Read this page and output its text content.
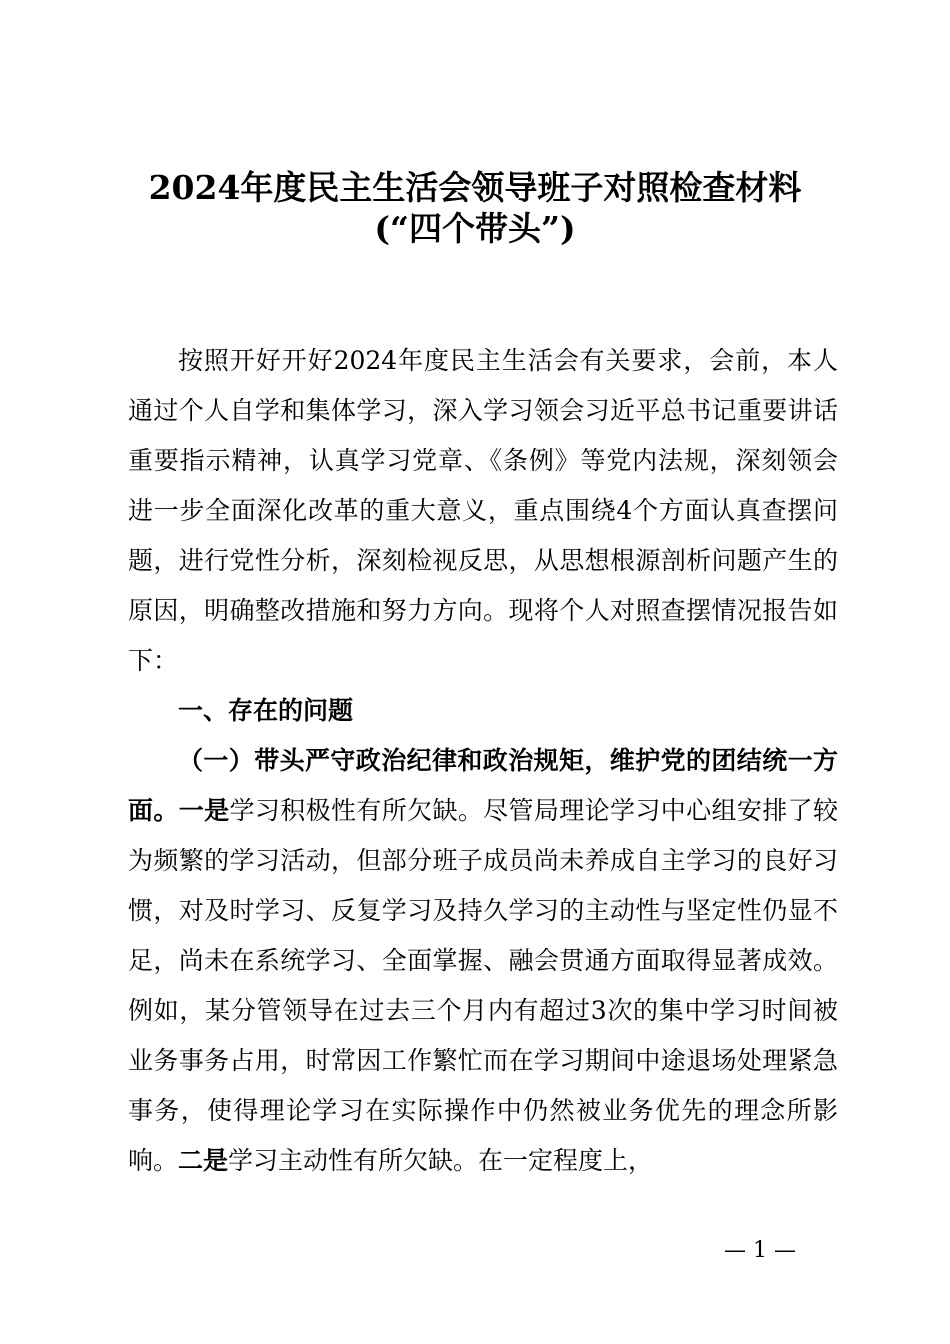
2024年度民主生活会领导班子对照检查材料
(“四个带头”)

按照开好开好2024年度民主生活会有关要求，会前，本人通过个人自学和集体学习，深入学习领会习近平总书记重要讲话重要指示精神，认真学习党章、《条例》等党内法规，深刻领会进一步全面深化改革的重大意义，重点围绕4个方面认真查摆问题，进行党性分析，深刻检视反思，从思想根源剖析问题产生的原因，明确整改措施和努力方向。现将个人对照查摆情况报告如下：

一、存在的问题

（一）带头严守政治纪律和政治规矩，维护党的团结统一方面。一是学习积极性有所欠缺。尽管局理论学习中心组安排了较为频繁的学习活动，但部分班子成员尚未养成自主学习的良好习惯，对及时学习、反复学习及持久学习的主动性与坚定性仍显不足，尚未在系统学习、全面掌握、融会贯通方面取得显著成效。例如，某分管领导在过去三个月内有超过3次的集中学习时间被业务事务占用，时常因工作繁忙而在学习期间中途退场处理紧急事务，使得理论学习在实际操作中仍然被业务优先的理念所影响。二是学习主动性有所欠缺。在一定程度上，

— 1 —
